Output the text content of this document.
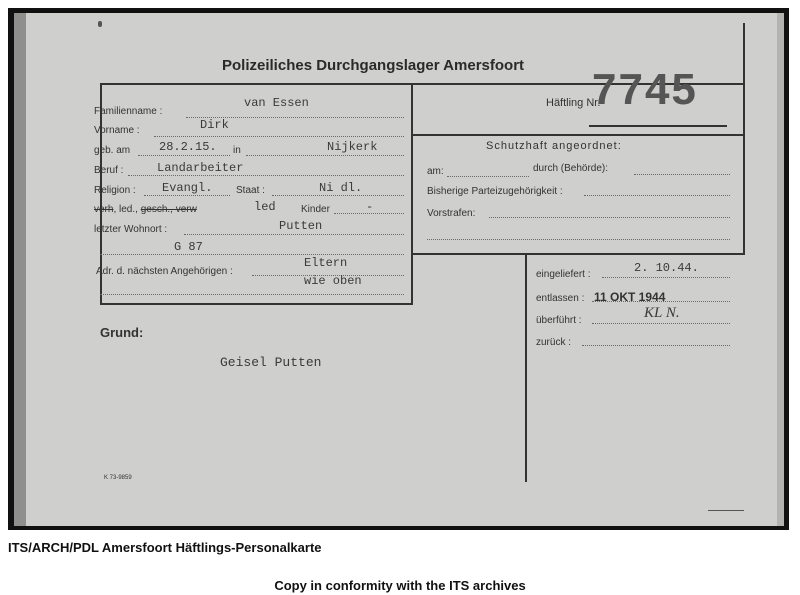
Polizeiliches Durchgangslager Amersfoort
Häftling Nr.
7745
Familienname :
van Essen
Vorname :	Dirk
geb. am 28.2.15. in	Nijkerk
Beruf :	Landarbeiter
Religion : Evangl. Staat :	Ni dl.
verh, led., gesch., verw	led	Kinder	-
letzter Wohnort :	Putten
G 87
Adr. d. nächsten Angehörigen :
Eltern
wie oben
Schutzhaft angeordnet:
am:	durch (Behörde):
Bisherige Parteizugehörigkeit :
Vorstrafen:
eingeliefert :	2. 10.44.
entlassen : 11 OKT 1944
überführt :	KL N.
zurück :
Grund:
Geisel Putten
K 73-9859
ITS/ARCH/PDL Amersfoort Häftlings-Personalkarte
Copy in conformity with the ITS archives
